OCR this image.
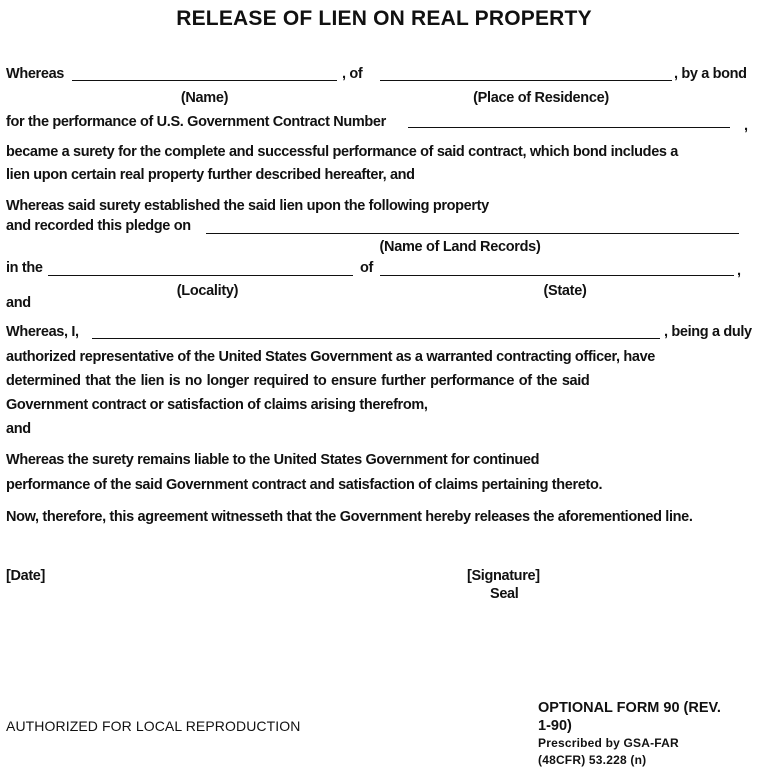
RELEASE OF LIEN ON REAL PROPERTY
Whereas	, of	, by a bond
(Name)	(Place of Residence)
for the performance of U.S. Government Contract Number	,
became a surety for the complete and successful performance of said contract, which bond includes a
lien upon certain real property further described hereafter, and
Whereas said surety established the said lien upon the following property
and recorded this pledge on
(Name of Land Records)
in the	of	,
(Locality)	(State)
and
Whereas, I,	, being a duly
authorized representative of the United States Government as a warranted contracting officer, have
determined that the lien is no longer required to ensure further performance of the said
Government contract or satisfaction of claims arising therefrom,
and
Whereas the surety remains liable to the United States Government for continued
performance of the said Government contract and satisfaction of claims pertaining thereto.
Now, therefore, this agreement witnesseth that the Government hereby releases the aforementioned line.
[Date]	[Signature]
Seal
AUTHORIZED FOR LOCAL REPRODUCTION
OPTIONAL FORM 90 (REV.
1-90)
Prescribed by GSA-FAR
(48CFR) 53.228 (n)
